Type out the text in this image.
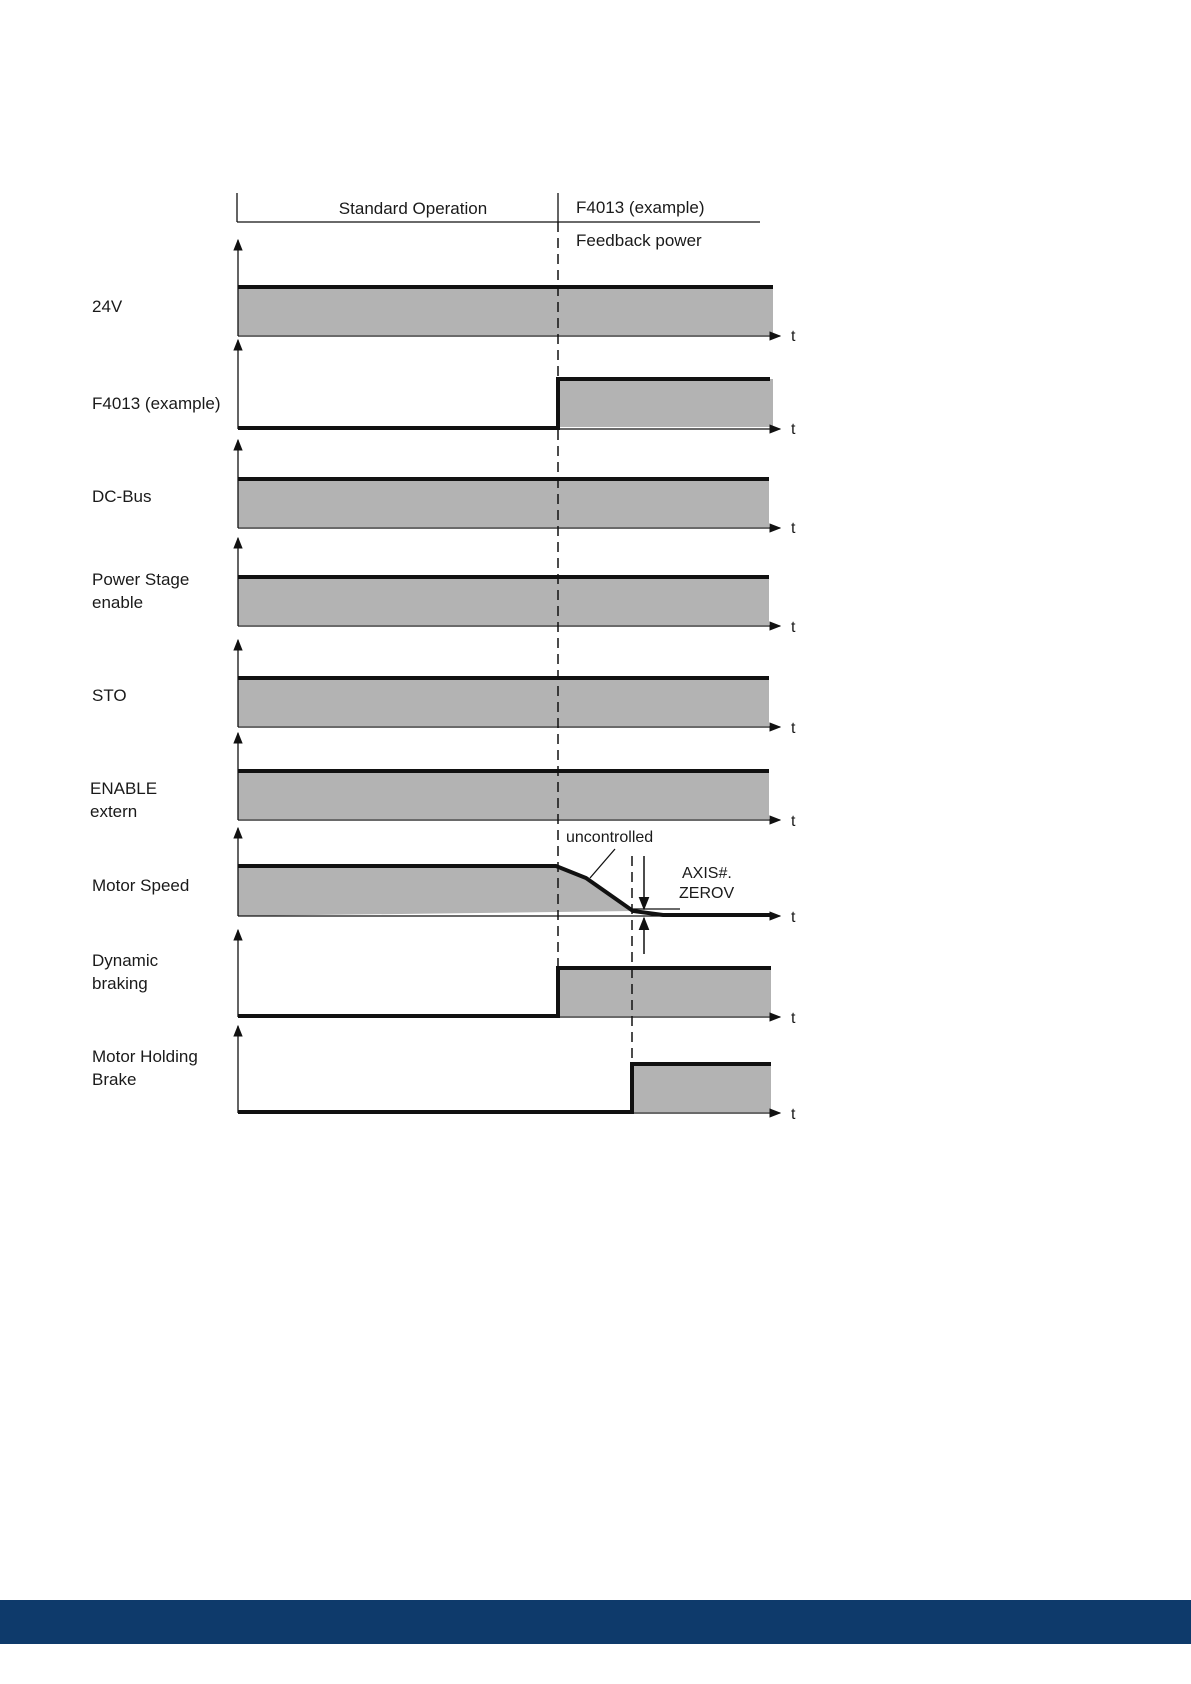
Standard Operation	F4013 (example)
Feedback power
t
24V
t
F4013 (example)
t
DC-Bus
t
Power Stage
enable
t
STO
t
ENABLE
extern
t
Motor Speed
t
Dynamic
braking
t
Motor Holding
Brake
uncontrolled
AXIS#.
ZEROV
